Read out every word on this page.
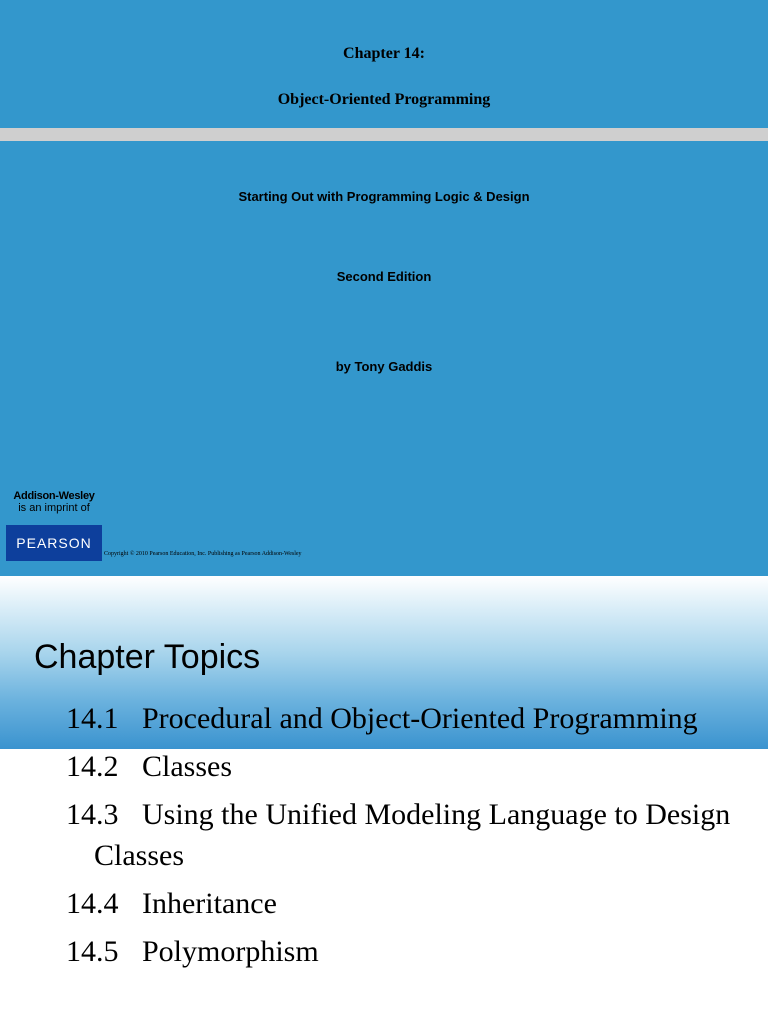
Chapter 14:
Object-Oriented Programming
Starting Out with Programming Logic & Design
Second Edition
by Tony Gaddis
Addison-Wesley
is an imprint of
PEARSON
Copyright © 2010 Pearson Education, Inc. Publishing as Pearson Addison-Wesley
Chapter Topics
14.1 Procedural and Object-Oriented Programming
14.2 Classes
14.3 Using the Unified Modeling Language to Design Classes
14.4 Inheritance
14.5 Polymorphism
